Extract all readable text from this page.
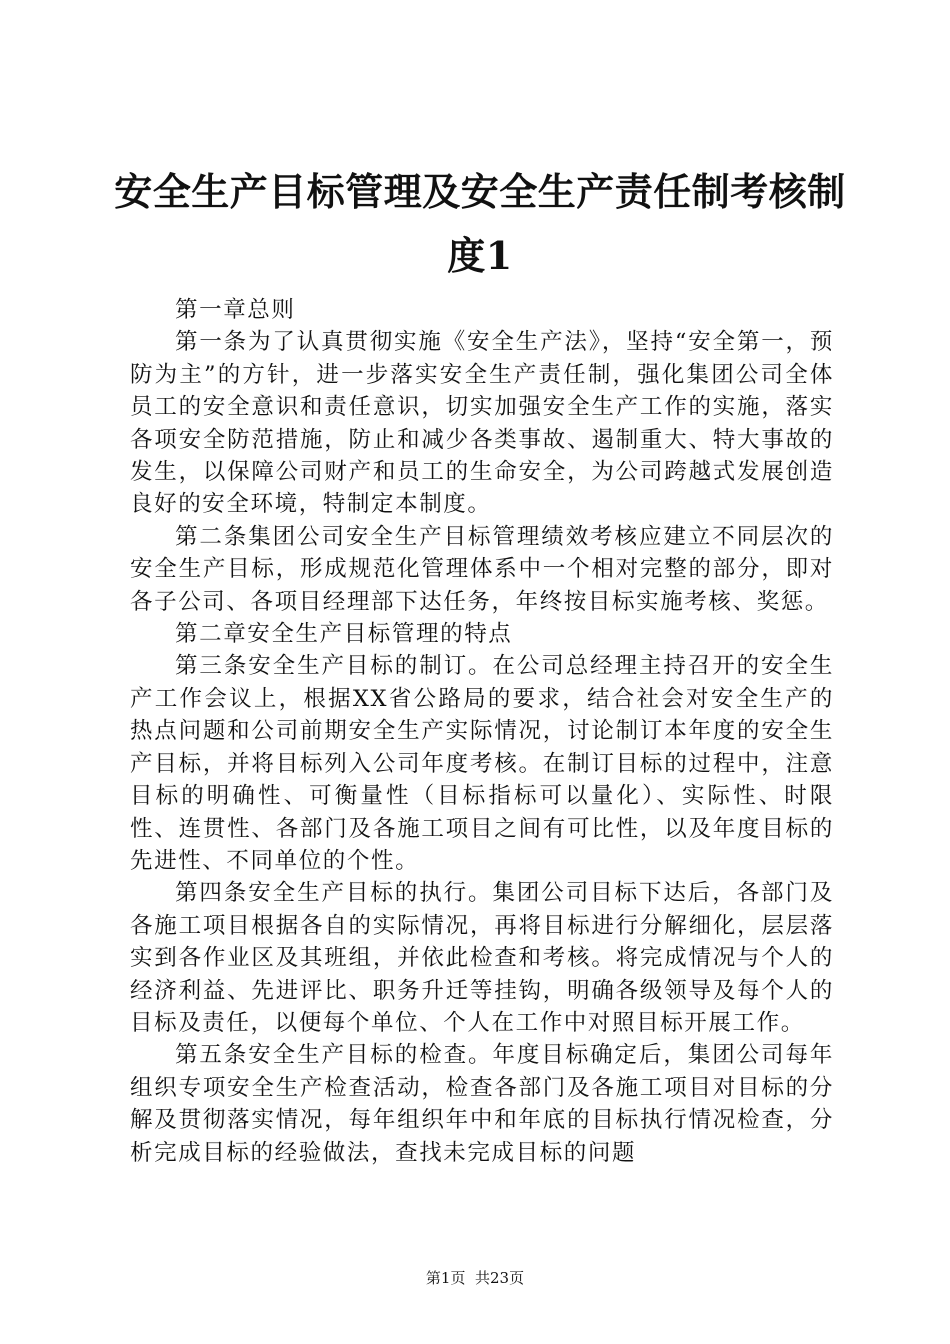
安全生产目标管理及安全生产责任制考核制度1

第一章总则

第一条为了认真贯彻实施《安全生产法》，坚持“安全第一，预防为主”的方针，进一步落实安全生产责任制，强化集团公司全体员工的安全意识和责任意识，切实加强安全生产工作的实施，落实各项安全防范措施，防止和减少各类事故、遏制重大、特大事故的发生，以保障公司财产和员工的生命安全，为公司跨越式发展创造良好的安全环境，特制定本制度。

第二条集团公司安全生产目标管理绩效考核应建立不同层次的安全生产目标，形成规范化管理体系中一个相对完整的部分，即对各子公司、各项目经理部下达任务，年终按目标实施考核、奖惩。

第二章安全生产目标管理的特点

第三条安全生产目标的制订。在公司总经理主持召开的安全生产工作会议上，根据XX省公路局的要求，结合社会对安全生产的热点问题和公司前期安全生产实际情况，讨论制订本年度的安全生产目标，并将目标列入公司年度考核。在制订目标的过程中，注意目标的明确性、可衡量性（目标指标可以量化）、实际性、时限性、连贯性、各部门及各施工项目之间有可比性，以及年度目标的先进性、不同单位的个性。

第四条安全生产目标的执行。集团公司目标下达后，各部门及各施工项目根据各自的实际情况，再将目标进行分解细化，层层落实到各作业区及其班组，并依此检查和考核。将完成情况与个人的经济利益、先进评比、职务升迁等挂钩，明确各级领导及每个人的目标及责任，以便每个单位、个人在工作中对照目标开展工作。

第五条安全生产目标的检查。年度目标确定后，集团公司每年组织专项安全生产检查活动，检查各部门及各施工项目对目标的分解及贯彻落实情况，每年组织年中和年底的目标执行情况检查，分析完成目标的经验做法，查找未完成目标的问题

第1页 共23页
